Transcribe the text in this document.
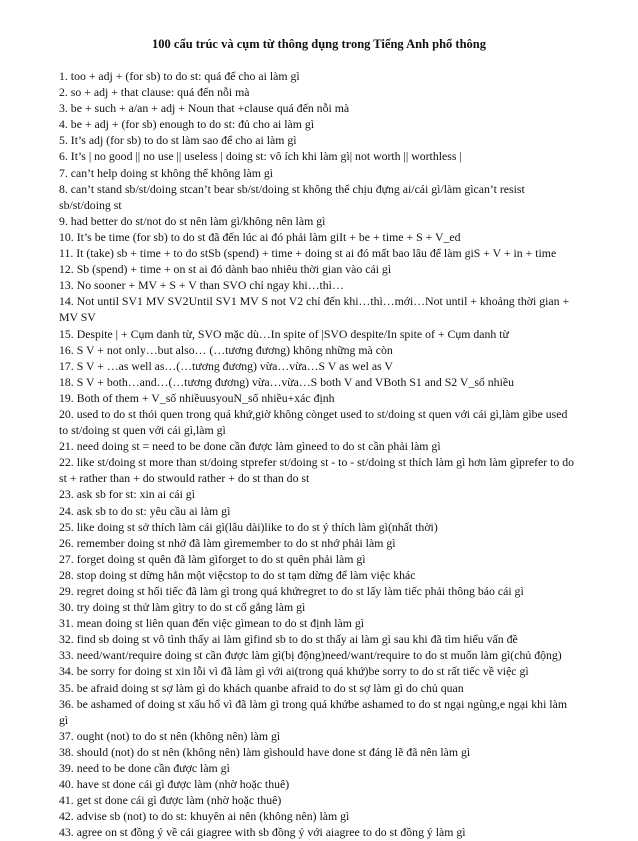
100 cấu trúc và cụm từ thông dụng trong Tiếng Anh phổ thông
1. too + adj + (for sb) to do st: quá để cho ai làm gì
2. so + adj + that clause: quá đến nỗi mà
3. be + such + a/an + adj + Noun that +clause quá đến nỗi mà
4. be + adj + (for sb) enough to do st: đủ cho ai làm gì
5. It’s adj (for sb) to do st làm sao để cho ai làm gì
6. It’s | no good || no use || useless | doing st: vô ích khi làm gì| not worth || worthless |
7. can’t help doing st không thể không làm gì
8. can’t stand sb/st/doing stcan’t bear sb/st/doing st không thể chịu đựng ai/cái gì/làm gìcan’t resist sb/st/doing st
9. had better do st/not do st nên làm gì/không nên làm gì
10. It’s be time (for sb) to do st đã đến lúc ai đó phải làm giIt + be + time + S + V_ed
11. It (take) sb + time + to do stSb (spend) + time + doing st ai đó mất bao lâu để làm giS + V + in + time
12. Sb (spend) + time + on st ai đó dành bao nhiêu thời gian vào cái gì
13. No sooner + MV + S + V than SVO chỉ ngay khi…thì…
14. Not until SV1 MV SV2Until SV1 MV S not V2 chỉ đến khi…thì…mới…Not until + khoảng thời gian + MV SV
15. Despite | + Cụm danh từ, SVO mặc dù…In spite of |SVO despite/In spite of + Cụm danh từ
16. S V + not only…but also… (…tương đương) không những mà còn
17. S V + …as well as…(…tương đương) vừa…vừa…S V as wel as V
18. S V + both…and…(…tương đương) vừa…vừa…S both V and VBoth S1 and S2 V_số nhiều
19. Both of them + V_số nhiềuusyouN_số nhiều+xác định
20. used to do st thói quen trong quá khứ,giờ không cònget used to st/doing st quen với cái gì,làm gìbe used to st/doing st quen với cái gì,làm gì
21. need doing st = need to be done cần được làm gìneed to do st cần phải làm gì
22. like st/doing st more than st/doing stprefer st/doing st - to - st/doing st thích làm gì hơn làm gìprefer to do st + rather than + do stwould rather + do st than do st
23. ask sb for st: xin ai cái gì
24. ask sb to do st: yêu cầu ai làm gì
25. like doing st sở thích làm cái gì(lâu dài)like to do st ý thích làm gì(nhất thời)
26. remember doing st nhớ đã làm gìremember to do st nhớ phải làm gì
27. forget doing st quên đã làm gìforget to do st quên phải làm gì
28. stop doing st dừng hẳn một việcstop to do st tạm dừng để làm việc khác
29. regret doing st hối tiếc đã làm gì trong quá khứregret to do st lấy làm tiếc phải thông báo cái gì
30. try doing st thử làm gìtry to do st cố gắng làm gì
31. mean doing st liên quan đến việc gìmean to do st định làm gì
32. find sb doing st vô tình thấy ai làm gìfind sb to do st thấy ai làm gì sau khi đã tìm hiểu vấn đề
33. need/want/require doing st cần được làm gì(bị động)need/want/require to do st muốn làm gì(chủ động)
34. be sorry for doing st xin lỗi vì đã làm gì với ai(trong quá khứ)be sorry to do st rất tiếc về việc gì
35. be afraid doing st sợ làm gì do khách quanbe afraid to do st sợ làm gì do chủ quan
36. be ashamed of doing st xấu hổ vì đã làm gì trong quá khứbe ashamed to do st ngại ngùng,e ngại khi làm gì
37. ought (not) to do st nên (không nên) làm gì
38. should (not) do st nên (không nên) làm gìshould have done st đáng lẽ đã nên làm gì
39. need to be done cần được làm gì
40. have st done cái gì được làm (nhờ hoặc thuê)
41. get st done cái gì được làm (nhờ hoặc thuê)
42. advise sb (not) to do st: khuyên ai nên (không nên) làm gì
43. agree on st đồng ý về cái giagree with sb đồng ý với aiagree to do st đồng ý làm gì
